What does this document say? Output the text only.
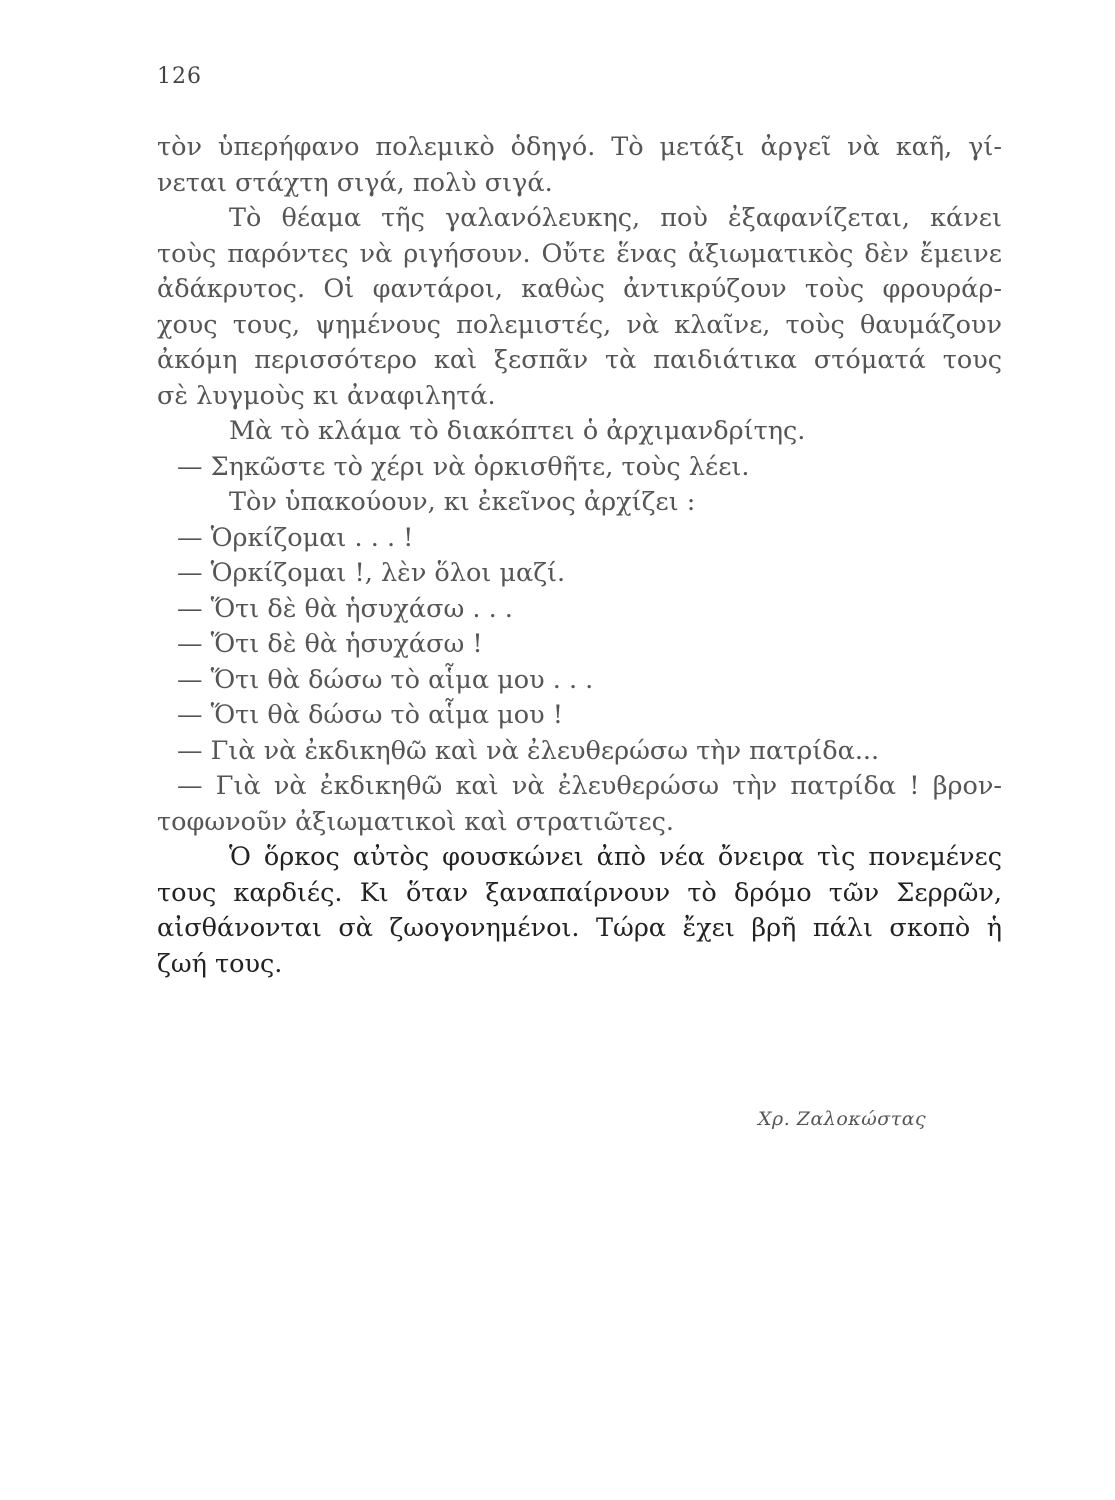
126
τὸν ὑπερήφανο πολεμικὸ ὁδηγό. Τὸ μετάξι ἀργεῖ νὰ καῆ, γί-
νεται στάχτη σιγά, πολὺ σιγά.
Τὸ θέαμα τῆς γαλανόλευκης, ποὺ ἐξαφανίζεται, κάνει
τοὺς παρόντες νὰ ριγήσουν. Οὔτε ἕνας ἀξιωματικὸς δὲν ἔμεινε
ἀδάκρυτος. Οἱ φαντάροι, καθὼς ἀντικρύζουν τοὺς φρουράρ-
χους τους, ψημένους πολεμιστές, νὰ κλαῖνε, τοὺς θαυμάζουν
ἀκόμη περισσότερο καὶ ξεσπᾶν τὰ παιδιάτικα στόματά τους
σὲ λυγμοὺς κι ἀναφιλητά.
Μὰ τὸ κλάμα τὸ διακόπτει ὁ ἀρχιμανδρίτης.
— Σηκῶστε τὸ χέρι νὰ ὁρκισθῆτε, τοὺς λέει.
Τὸν ὑπακούουν, κι ἐκεῖνος ἀρχίζει :
— Ὁρκίζομαι . . . !
— Ὁρκίζομαι !, λὲν ὅλοι μαζί.
— Ὅτι δὲ θὰ ἡσυχάσω . . .
— Ὅτι δὲ θὰ ἡσυχάσω !
— Ὅτι θὰ δώσω τὸ αἷμα μου . . .
— Ὅτι θὰ δώσω τὸ αἷμα μου !
— Γιὰ νὰ ἐκδικηθῶ καὶ νὰ ἐλευθερώσω τὴν πατρίδα...
— Γιὰ νὰ ἐκδικηθῶ καὶ νὰ ἐλευθερώσω τὴν πατρίδα ! βρον-
τοφωνοῦν ἀξιωματικοὶ καὶ στρατιῶτες.
Ὁ ὅρκος αὐτὸς φουσκώνει ἀπὸ νέα ὄνειρα τὶς πονεμένες
τους καρδιές. Κι ὅταν ξαναπαίρνουν τὸ δρόμο τῶν Σερρῶν,
αἰσθάνονται σὰ ζωογονημένοι. Τώρα ἔχει βρῆ πάλι σκοπὸ ἡ
ζωή τους.
Χρ. Ζαλοκώστας
